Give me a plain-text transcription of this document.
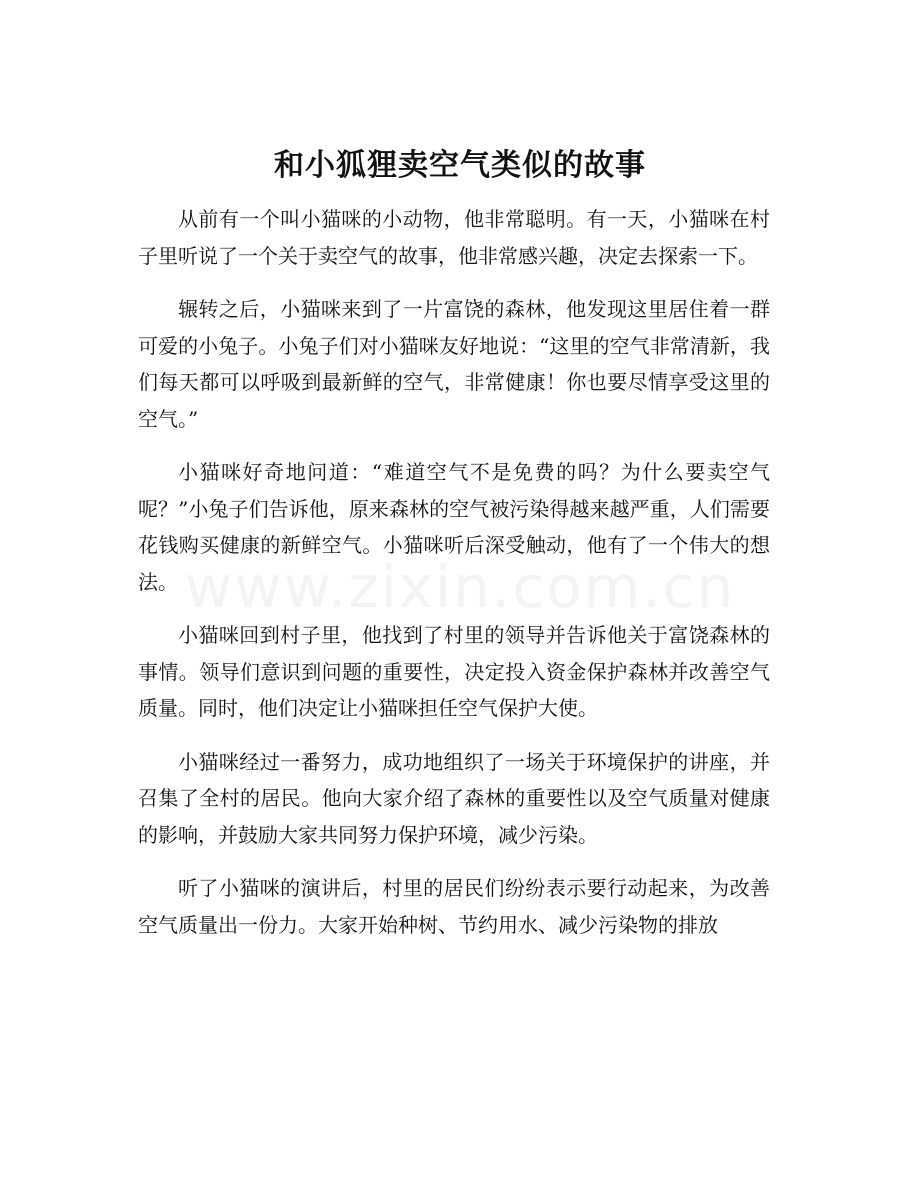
和小狐狸卖空气类似的故事

从前有一个叫小猫咪的小动物，他非常聪明。有一天，小猫咪在村子里听说了一个关于卖空气的故事，他非常感兴趣，决定去探索一下。

辗转之后，小猫咪来到了一片富饶的森林，他发现这里居住着一群可爱的小兔子。小兔子们对小猫咪友好地说：“这里的空气非常清新，我们每天都可以呼吸到最新鲜的空气，非常健康！你也要尽情享受这里的空气。”

小猫咪好奇地问道：“难道空气不是免费的吗？为什么要卖空气呢？”小兔子们告诉他，原来森林的空气被污染得越来越严重，人们需要花钱购买健康的新鲜空气。小猫咪听后深受触动，他有了一个伟大的想法。

小猫咪回到村子里，他找到了村里的领导并告诉他关于富饶森林的事情。领导们意识到问题的重要性，决定投入资金保护森林并改善空气质量。同时，他们决定让小猫咪担任空气保护大使。

小猫咪经过一番努力，成功地组织了一场关于环境保护的讲座，并召集了全村的居民。他向大家介绍了森林的重要性以及空气质量对健康的影响，并鼓励大家共同努力保护环境，减少污染。

听了小猫咪的演讲后，村里的居民们纷纷表示要行动起来，为改善空气质量出一份力。大家开始种树、节约用水、减少污染物的排放

www.zixin.com.cn
